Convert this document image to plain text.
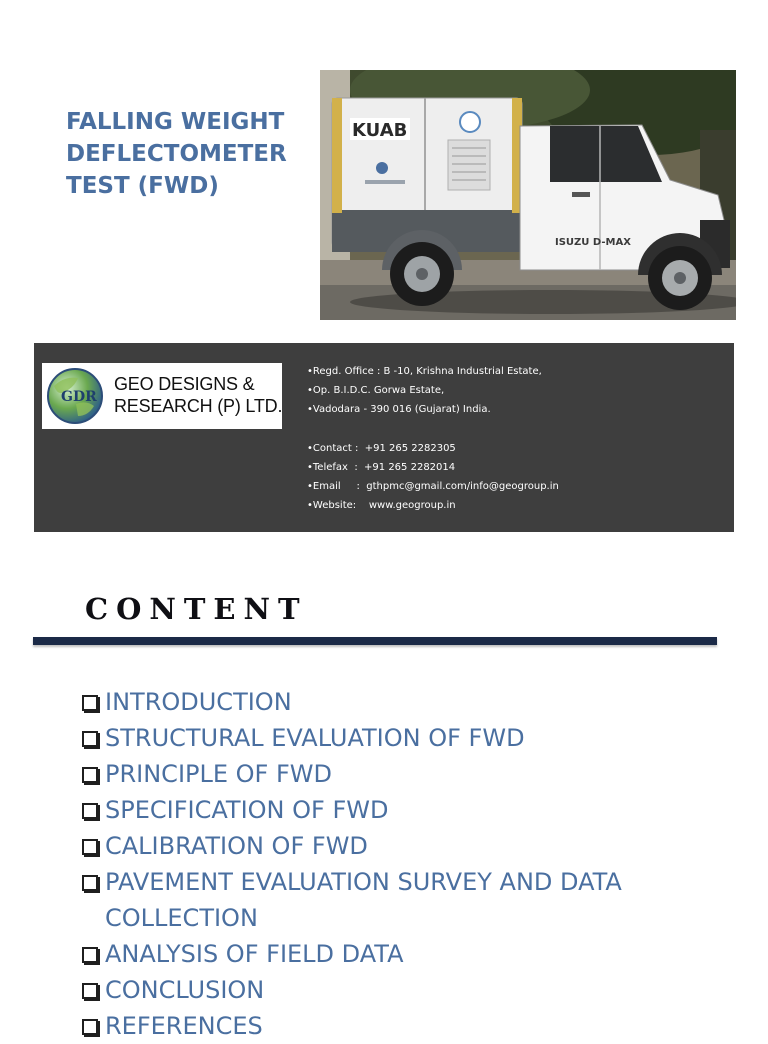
FALLING WEIGHT
DEFLECTOMETER
TEST (FWD)
KUAB
ISUZU D-MAX
GDR
GEO DESIGNS &
RESEARCH (P) LTD.
•Regd. Office : B -10, Krishna Industrial Estate,
•Op. B.I.D.C. Gorwa Estate,
•Vadodara - 390 016 (Gujarat) India.
•Contact :  +91 265 2282305
•Telefax  :  +91 265 2282014
•Email     :  gthpmc@gmail.com/info@geogroup.in
•Website:    www.geogroup.in
CONTENT
INTRODUCTION
STRUCTURAL EVALUATION OF FWD
PRINCIPLE OF FWD
SPECIFICATION OF FWD
CALIBRATION OF FWD
PAVEMENT EVALUATION SURVEY AND DATA COLLECTION
ANALYSIS OF FIELD DATA
CONCLUSION
REFERENCES
